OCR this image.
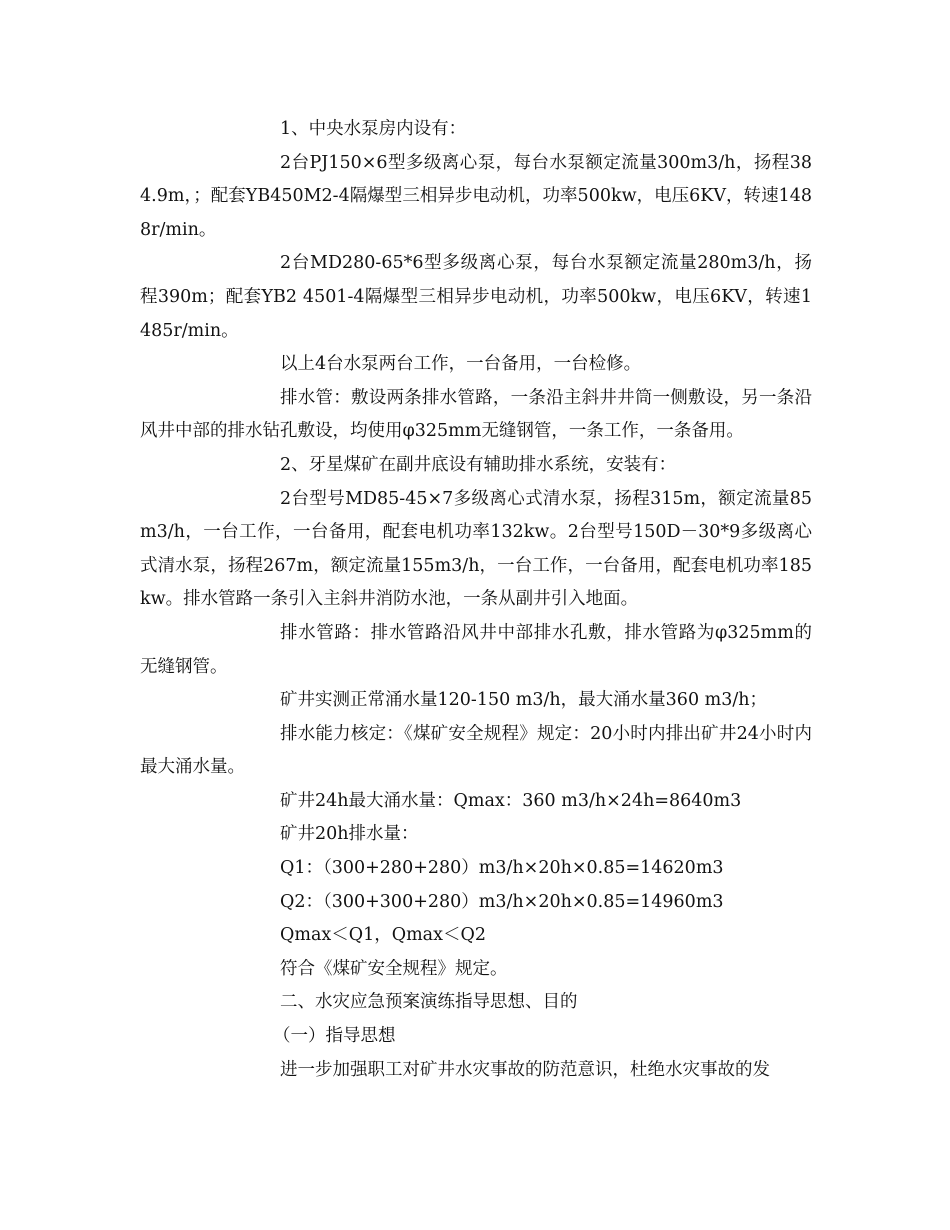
1、中央水泵房内设有：

2台PJ150×6型多级离心泵，每台水泵额定流量300m3/h，扬程384.9m，；配套YB450M2-4隔爆型三相异步电动机，功率500kw，电压6KV，转速1488r/min。

2台MD280-65*6型多级离心泵，每台水泵额定流量280m3/h，扬程390m；配套YB2 4501-4隔爆型三相异步电动机，功率500kw，电压6KV，转速1485r/min。

以上4台水泵两台工作，一台备用，一台检修。

排水管：敷设两条排水管路，一条沿主斜井井筒一侧敷设，另一条沿风井中部的排水钻孔敷设，均使用φ325mm无缝钢管，一条工作，一条备用。

2、牙星煤矿在副井底设有辅助排水系统，安装有：

2台型号MD85-45×7多级离心式清水泵，扬程315m，额定流量85m3/h，一台工作，一台备用，配套电机功率132kw。2台型号150D－30*9多级离心式清水泵，扬程267m，额定流量155m3/h，一台工作，一台备用，配套电机功率185kw。排水管路一条引入主斜井消防水池，一条从副井引入地面。

排水管路：排水管路沿风井中部排水孔敷，排水管路为φ325mm的无缝钢管。

矿井实测正常涌水量120-150 m3/h，最大涌水量360 m3/h；

排水能力核定：《煤矿安全规程》规定：20小时内排出矿井24小时内最大涌水量。

矿井24h最大涌水量：Qmax：360 m3/h×24h=8640m3

矿井20h排水量：

Q1：（300+280+280）m3/h×20h×0.85=14620m3

Q2：（300+300+280）m3/h×20h×0.85=14960m3

Qmax＜Q1，Qmax＜Q2

符合《煤矿安全规程》规定。

二、水灾应急预案演练指导思想、目的

（一）指导思想

进一步加强职工对矿井水灾事故的防范意识，杜绝水灾事故的发
